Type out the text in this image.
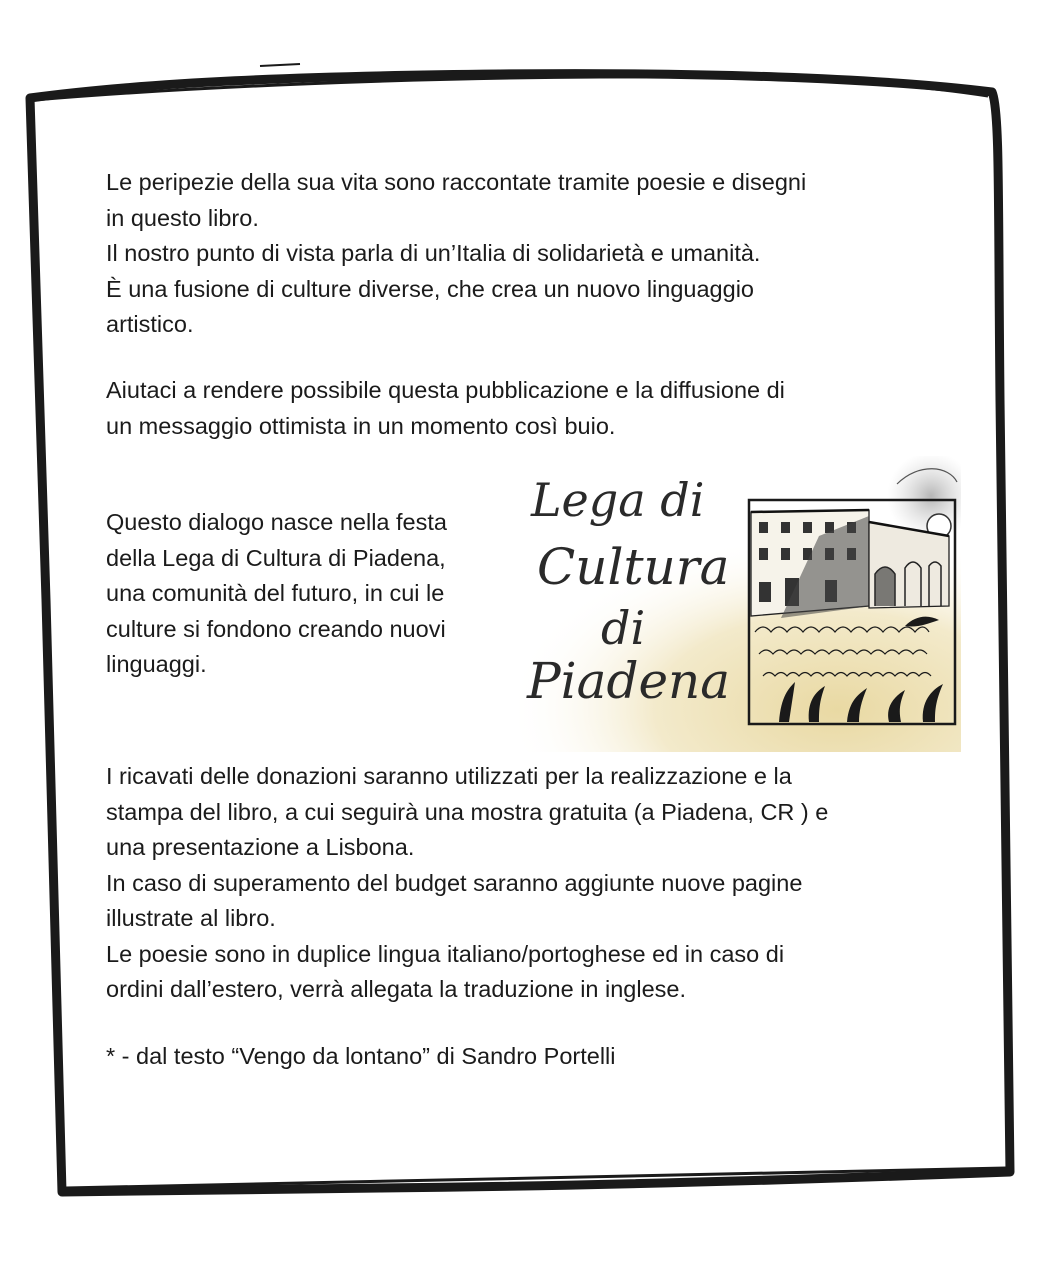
Le peripezie della sua vita sono raccontate tramite poesie e disegni
in questo libro.
Il nostro punto di vista parla di un’Italia di solidarietà e umanità.
È una fusione di culture diverse, che crea un nuovo linguaggio
artistico.

Aiutaci a rendere possibile questa pubblicazione e la diffusione di
un messaggio ottimista in un momento così buio.

Questo dialogo nasce nella festa
della Lega di Cultura di Piadena,
una comunità del futuro, in cui le
culture si fondono creando nuovi
linguaggi.

Lega di
Cultura
di
Piadena

I ricavati delle donazioni saranno utilizzati per la realizzazione e la
stampa del libro, a cui seguirà una mostra gratuita (a Piadena, CR ) e
una presentazione a Lisbona.
In caso di superamento del budget saranno aggiunte nuove pagine
illustrate al libro.
Le poesie sono in duplice lingua italiano/portoghese ed in caso di
ordini dall’estero, verrà allegata la traduzione in inglese.

* - dal testo “Vengo da lontano” di Sandro Portelli
